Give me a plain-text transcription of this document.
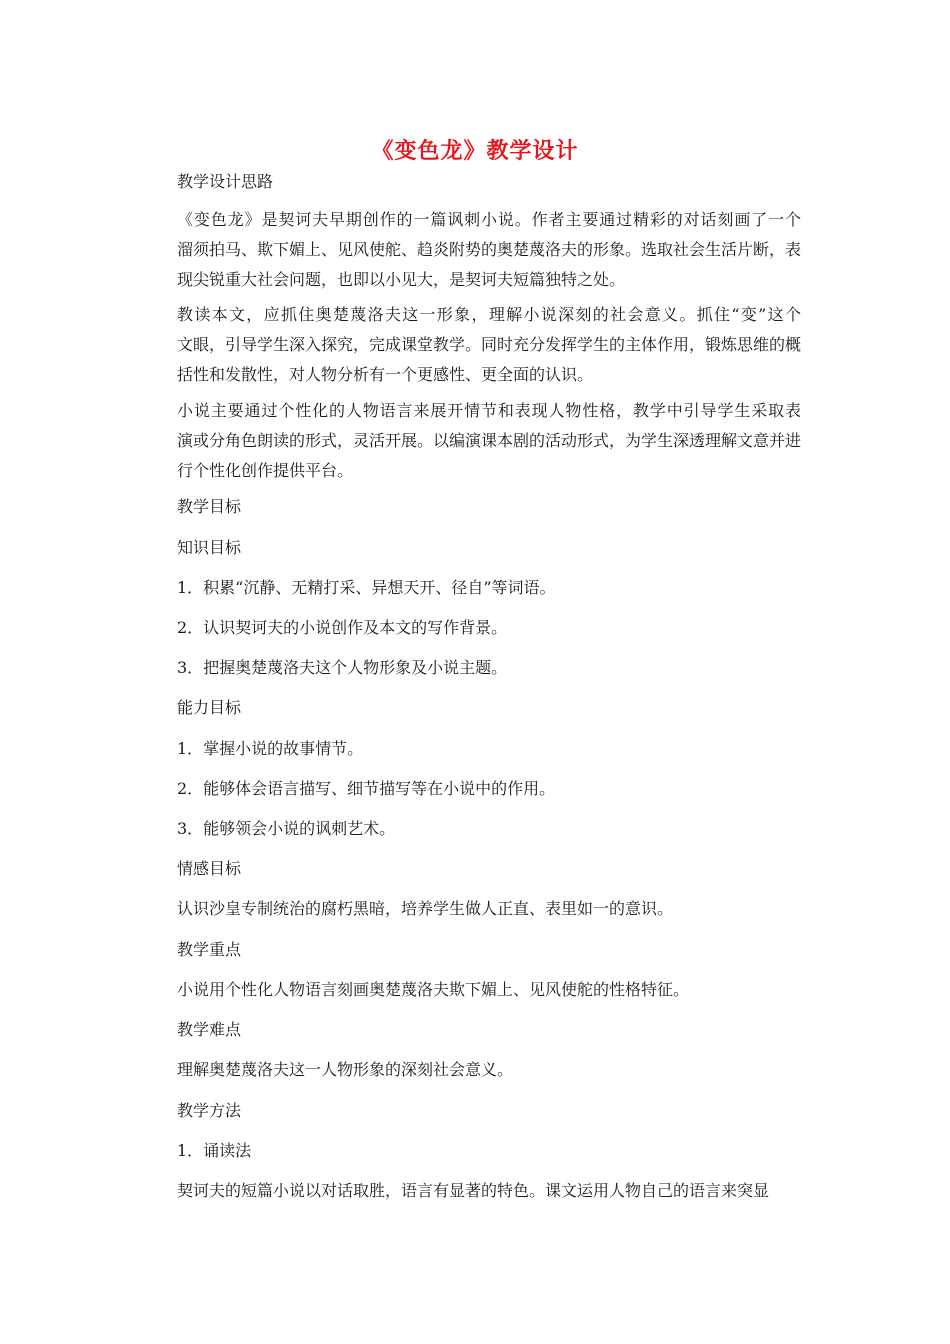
《变色龙》教学设计
教学设计思路
《变色龙》是契诃夫早期创作的一篇讽刺小说。作者主要通过精彩的对话刻画了一个
溜须拍马、欺下媚上、见风使舵、趋炎附势的奥楚蔑洛夫的形象。选取社会生活片断，表
现尖锐重大社会问题，也即以小见大，是契诃夫短篇独特之处。
教读本文，应抓住奥楚蔑洛夫这一形象，理解小说深刻的社会意义。抓住“变”这个
文眼，引导学生深入探究，完成课堂教学。同时充分发挥学生的主体作用，锻炼思维的概
括性和发散性，对人物分析有一个更感性、更全面的认识。
小说主要通过个性化的人物语言来展开情节和表现人物性格，教学中引导学生采取表
演或分角色朗读的形式，灵活开展。以编演课本剧的活动形式，为学生深透理解文意并进
行个性化创作提供平台。
教学目标
知识目标
1．积累“沉静、无精打采、异想天开、径自”等词语。
2．认识契诃夫的小说创作及本文的写作背景。
3．把握奥楚蔑洛夫这个人物形象及小说主题。
能力目标
1．掌握小说的故事情节。
2．能够体会语言描写、细节描写等在小说中的作用。
3．能够领会小说的讽刺艺术。
情感目标
认识沙皇专制统治的腐朽黑暗，培养学生做人正直、表里如一的意识。
教学重点
小说用个性化人物语言刻画奥楚蔑洛夫欺下媚上、见风使舵的性格特征。
教学难点
理解奥楚蔑洛夫这一人物形象的深刻社会意义。
教学方法
1．诵读法
契诃夫的短篇小说以对话取胜，语言有显著的特色。课文运用人物自己的语言来突显
